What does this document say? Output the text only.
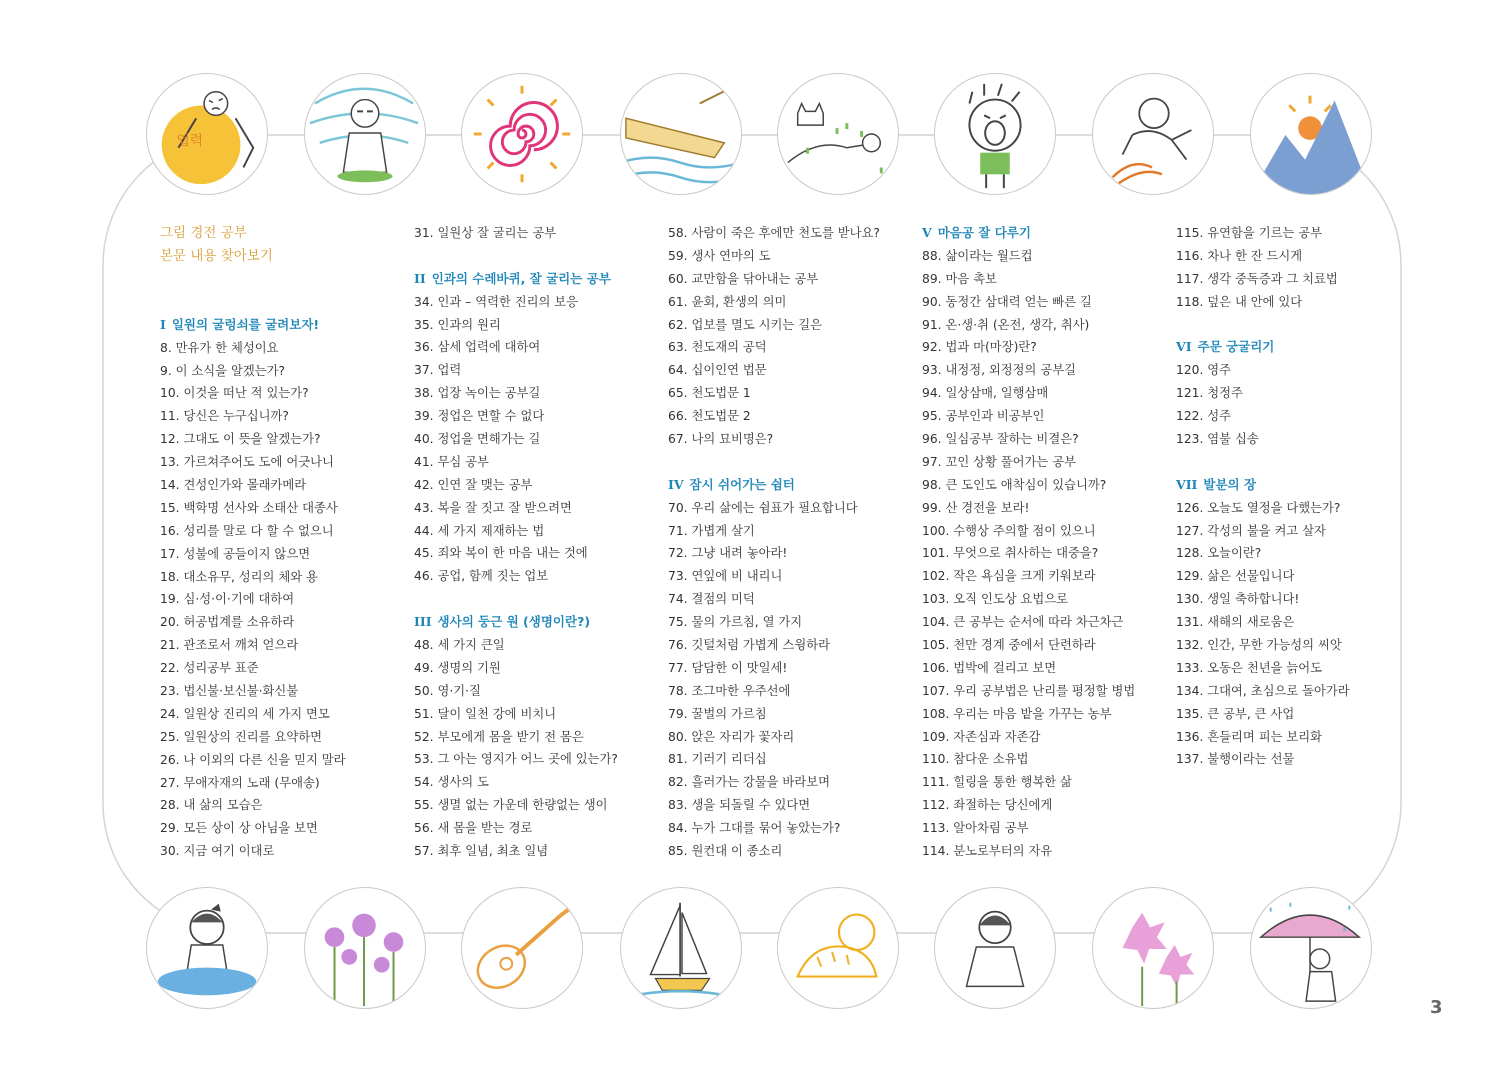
업력
그림 경전 공부
본문 내용 찾아보기
I 일원의 굴렁쇠를 굴려보자!
8. 만유가 한 체성이요
9. 이 소식을 알겠는가?
10. 이것을 떠난 적 있는가?
11. 당신은 누구십니까?
12. 그대도 이 뜻을 알겠는가?
13. 가르쳐주어도 도에 어긋나니
14. 견성인가와 몰래카메라
15. 백학명 선사와 소태산 대종사
16. 성리를 말로 다 할 수 없으니
17. 성불에 공들이지 않으면
18. 대소유무, 성리의 체와 용
19. 심·성·이·기에 대하여
20. 허공법계를 소유하라
21. 관조로서 깨쳐 얻으라
22. 성리공부 표준
23. 법신불·보신불·화신불
24. 일원상 진리의 세 가지 면모
25. 일원상의 진리를 요약하면
26. 나 이외의 다른 신을 믿지 말라
27. 무애자재의 노래 (무애송)
28. 내 삶의 모습은
29. 모든 상이 상 아님을 보면
30. 지금 여기 이대로
31. 일원상 잘 굴리는 공부
II 인과의 수레바퀴, 잘 굴리는 공부
34. 인과 – 역력한 진리의 보응
35. 인과의 원리
36. 삼세 업력에 대하여
37. 업력
38. 업장 녹이는 공부길
39. 정업은 면할 수 없다
40. 정업을 면해가는 길
41. 무심 공부
42. 인연 잘 맺는 공부
43. 복을 잘 짓고 잘 받으려면
44. 세 가지 제재하는 법
45. 죄와 복이 한 마음 내는 것에
46. 공업, 함께 짓는 업보
III 생사의 둥근 원 (생명이란?)
48. 세 가지 큰일
49. 생명의 기원
50. 영·기·질
51. 달이 일천 강에 비치니
52. 부모에게 몸을 받기 전 몸은
53. 그 아는 영지가 어느 곳에 있는가?
54. 생사의 도
55. 생멸 없는 가운데 한량없는 생이
56. 새 몸을 받는 경로
57. 최후 일념, 최초 일념
58. 사람이 죽은 후에만 천도를 받나요?
59. 생사 연마의 도
60. 교만함을 닦아내는 공부
61. 윤회, 환생의 의미
62. 업보를 멸도 시키는 길은
63. 천도재의 공덕
64. 십이인연 법문
65. 천도법문 1
66. 천도법문 2
67. 나의 묘비명은?
IV 잠시 쉬어가는 쉼터
70. 우리 삶에는 쉼표가 필요합니다
71. 가볍게 살기
72. 그냥 내려 놓아라!
73. 연잎에 비 내리니
74. 결점의 미덕
75. 물의 가르침, 열 가지
76. 깃털처럼 가볍게 스윙하라
77. 담담한 이 맛일세!
78. 조그마한 우주선에
79. 꿀벌의 가르침
80. 앉은 자리가 꽃자리
81. 기러기 리더십
82. 흘러가는 강물을 바라보며
83. 생을 되돌릴 수 있다면
84. 누가 그대를 묶어 놓았는가?
85. 원컨대 이 종소리
V 마음공 잘 다루기
88. 삶이라는 월드컵
89. 마음 촉보
90. 동정간 삼대력 얻는 빠른 길
91. 온·생·취 (온전, 생각, 취사)
92. 법과 마(마장)란?
93. 내정정, 외정정의 공부길
94. 일상삼매, 일행삼매
95. 공부인과 비공부인
96. 일심공부 잘하는 비결은?
97. 꼬인 상황 풀어가는 공부
98. 큰 도인도 애착심이 있습니까?
99. 산 경전을 보라!
100. 수행상 주의할 점이 있으니
101. 무엇으로 취사하는 대중을?
102. 작은 욕심을 크게 키워보라
103. 오직 인도상 요법으로
104. 큰 공부는 순서에 따라 차근차근
105. 천만 경계 중에서 단련하라
106. 법박에 걸리고 보면
107. 우리 공부법은 난리를 평정할 병법
108. 우리는 마음 밭을 가꾸는 농부
109. 자존심과 자존감
110. 참다운 소유법
111. 힐링을 통한 행복한 삶
112. 좌절하는 당신에게
113. 알아차림 공부
114. 분노로부터의 자유
115. 유연함을 기르는 공부
116. 차나 한 잔 드시게
117. 생각 중독증과 그 치료법
118. 덮은 내 안에 있다
VI 주문 궁굴리기
120. 영주
121. 청정주
122. 성주
123. 염불 십송
VII 발분의 장
126. 오늘도 열정을 다했는가?
127. 각성의 불을 켜고 살자
128. 오늘이란?
129. 삶은 선물입니다
130. 생일 축하합니다!
131. 새해의 새로움은
132. 인간, 무한 가능성의 씨앗
133. 오동은 천년을 늙어도
134. 그대여, 초심으로 돌아가라
135. 큰 공부, 큰 사업
136. 흔들리며 피는 보리화
137. 불행이라는 선물
3
